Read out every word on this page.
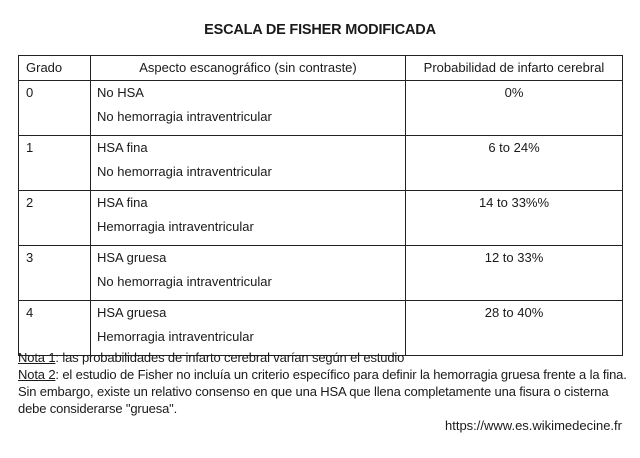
ESCALA DE FISHER MODIFICADA
Grado	Aspecto escanográfico (sin contraste)	Probabilidad de infarto cerebral
0	No HSA
No hemorragia intraventricular	0%
1	HSA fina
No hemorragia intraventricular	6 to 24%
2	HSA fina
Hemorragia intraventricular	14 to 33%%
3	HSA gruesa
No hemorragia intraventricular	12 to 33%
4	HSA gruesa
Hemorragia intraventricular	28 to 40%
Nota 1: las probabilidades de infarto cerebral varían según el estudio
Nota 2: el estudio de Fisher no incluía un criterio específico para definir la hemorragia gruesa frente a la fina. Sin embargo, existe un relativo consenso en que una HSA que llena completamente una fisura o cisterna debe considerarse "gruesa".
https://www.es.wikimedecine.fr
